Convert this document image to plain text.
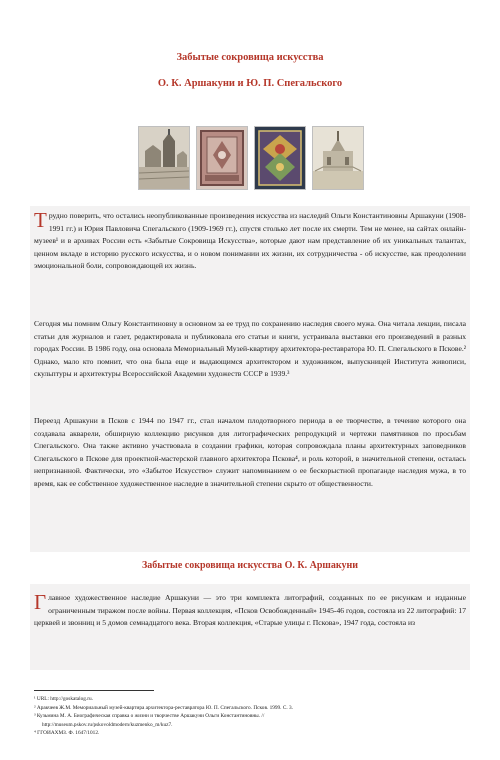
Забытые сокровища искусства
О. К. Аршакуни и Ю. П. Спегальского
Трудно поверить, что остались неопубликованные произведения искусства из наследий Ольги Константиновны Аршакуни (1908-1991 гг.) и Юрия Павловича Спегальского (1909-1969 гг.), спустя столько лет после их смерти. Тем не менее, на сайтах онлайн-музеев¹ и в архивах России есть «Забытые Сокровища Искусства», которые дают нам представление об их уникальных талантах, ценном вкладе в историю русского искусства, и о новом понимании их жизни, их сотрудничества - об искусстве, как преодолении эмоциональной боли, сопровождающей их жизнь.
Сегодня мы помним Ольгу Константиновну в основном за ее труд по сохранению наследия своего мужа. Она читала лекции, писала статьи для журналов и газет, редактировала и публиковала его статьи и книги, устраивала выставки его произведений в разных городах России. В 1986 году, она основала Мемориальный Музей-квартиру архитектора-реставратора Ю. П. Спегальского в Пскове.² Однако, мало кто помнит, что она была еще и выдающимся архитектором и художником, выпускницей Института живописи, скульптуры и архитектуры Всероссийской Академии художеств СССР в 1939.³
Переезд Аршакуни в Псков с 1944 по 1947 гг., стал началом плодотворного периода в ее творчестве, в течение которого она создавала акварели, обширную коллекцию рисунков для литографических репродукций и чертежи памятников по просьбам Спегальского. Она также активно участвовала в создании графики, которая сопровождала планы архитектурных заповедников Спегальского в Пскове для проектной-мастерской главного архитектора Пскова⁴, и роль которой, в значительной степени, осталась непризнанной. Фактически, это «Забытое Искусство» служит напоминанием о ее бескорыстной пропаганде наследия мужа, в то время, как ее собственное художественное наследие в значительной степени скрыто от общественности.
Забытые сокровища искусства О. К. Аршакуни
Главное художественное наследие Аршакуни — это три комплекта литографий, созданных по ее рисункам и изданные ограниченным тиражом после войны. Первая коллекция, «Псков Освобожденный» 1945-46 годов, состояла из 22 литографий: 17 церквей и звонниц и 5 домов семнадцатого века. Вторая коллекция, «Старые улицы г. Пскова», 1947 года, состояла из
¹ URL: http://goskatalog.ru.
² Аракчеев Ж.М. Мемориальный музей-квартира архитектора-реставратора Ю. П. Спегальского. Псков. 1999. С. 3.
³ Кузьмина М. А. Биографическая справка о жизни и творчестве Аршакуни Ольги Константиновны. //
http://museum.pskov.ru/pskovoldmodern/kuzmenko_m/kuz7.
⁴ ГГОИАХМЗ. Ф. 1647/1012.
